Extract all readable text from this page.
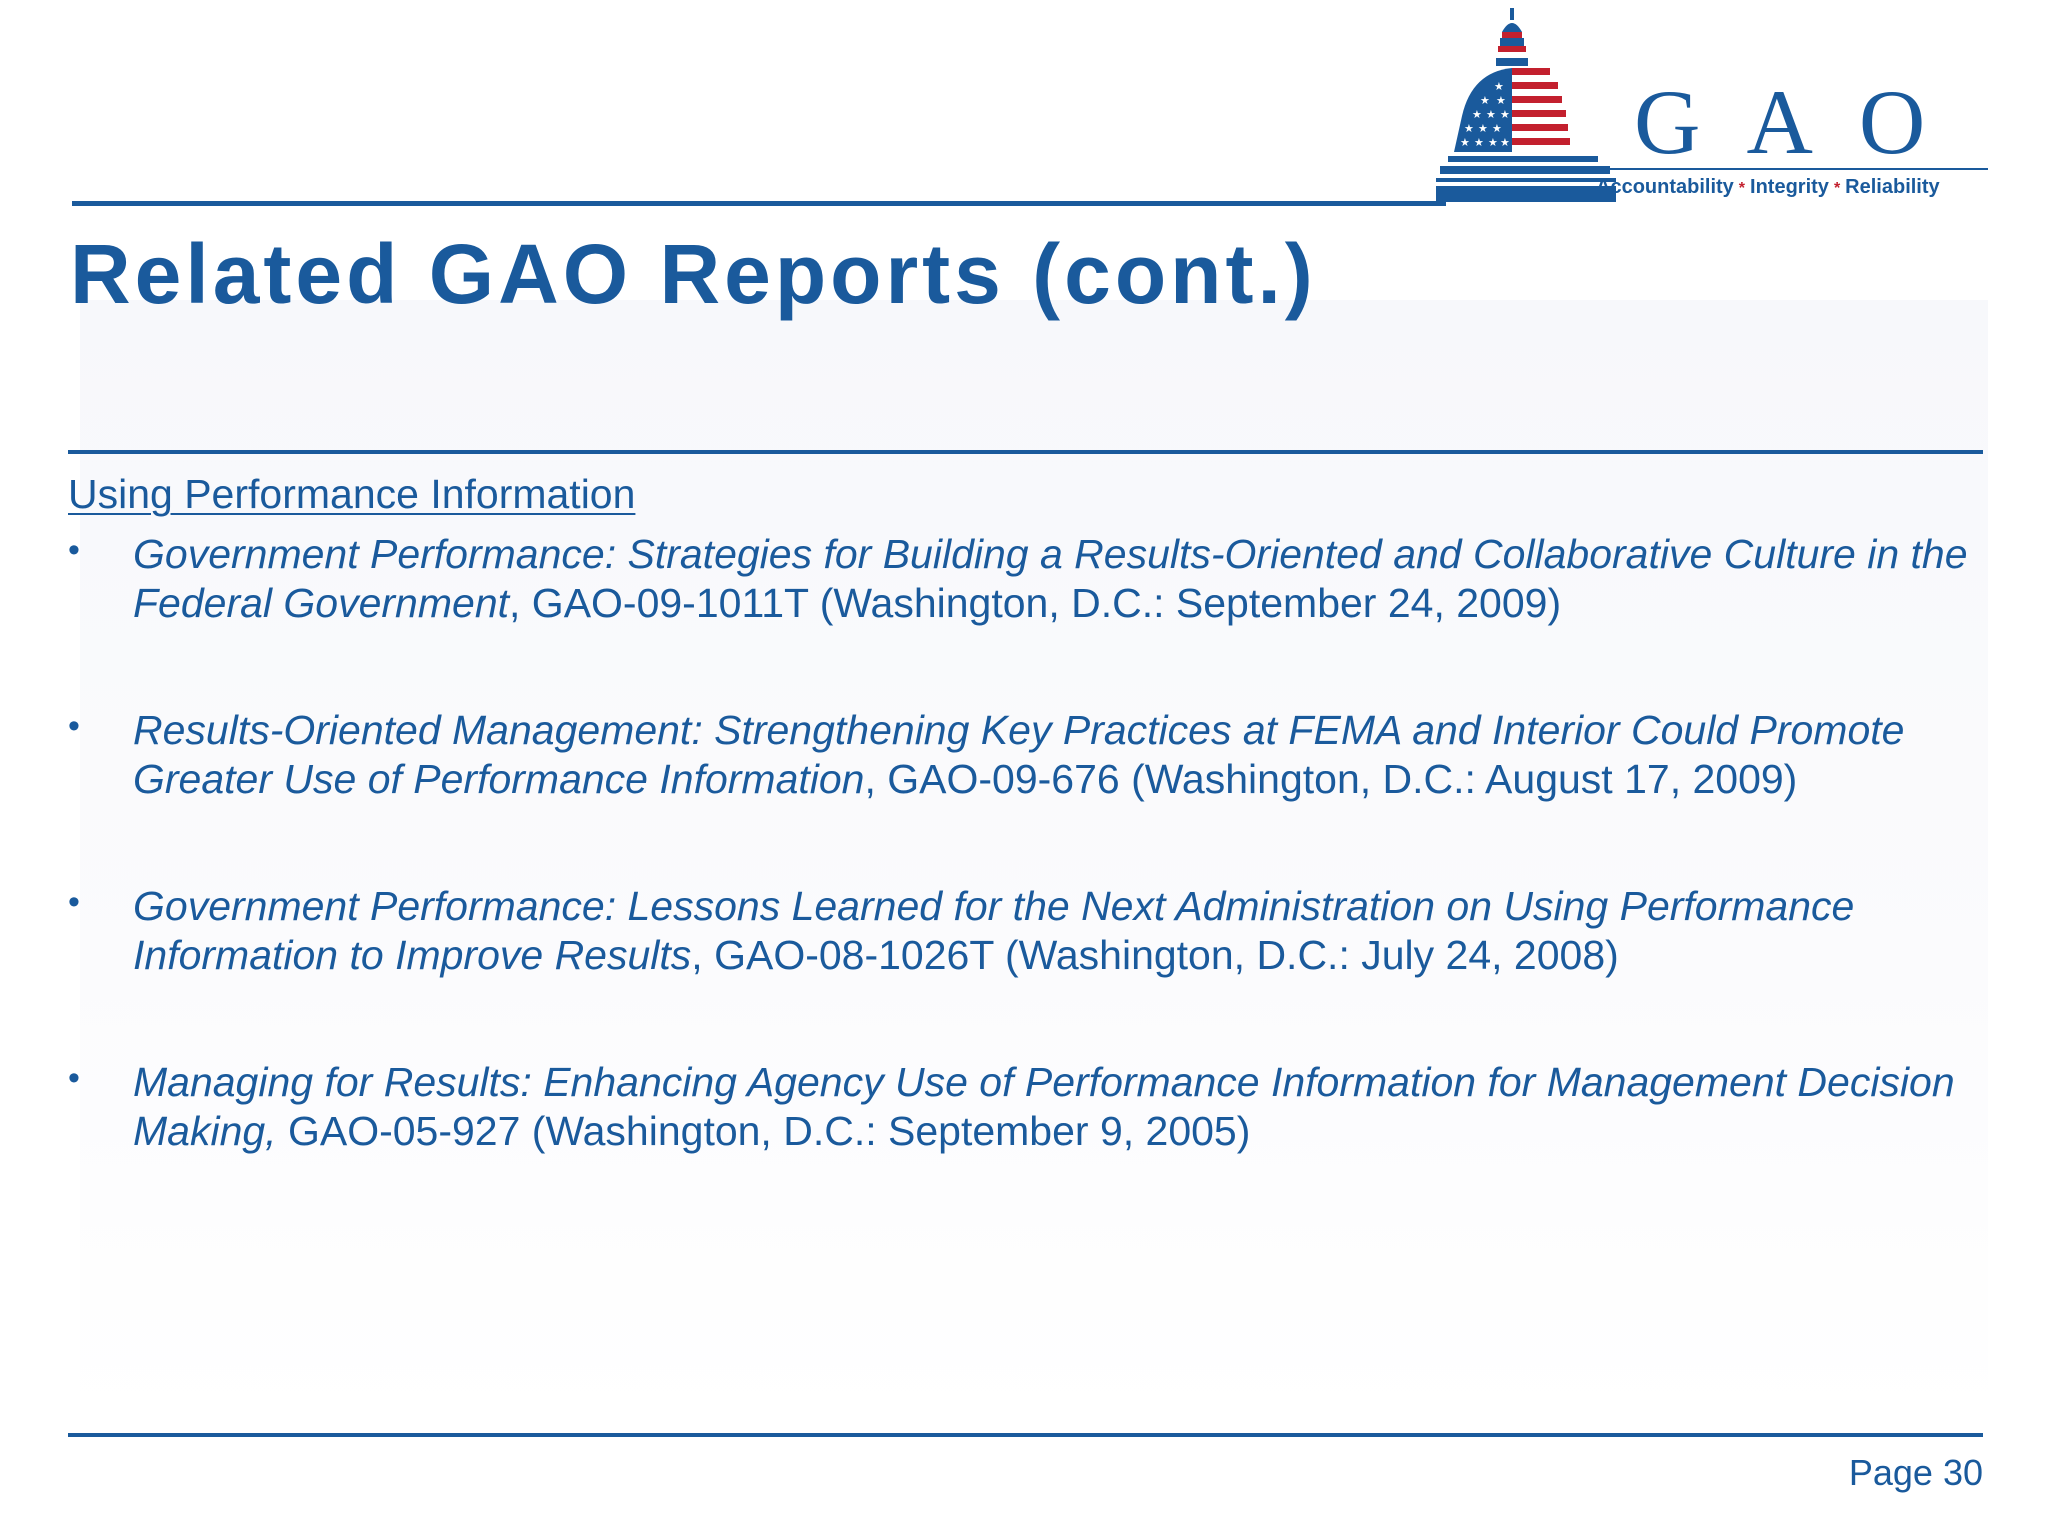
★
★ ★
★ ★ ★
★ ★ ★
★ ★ ★ ★ G A O
Accountability * Integrity * Reliability
Related GAO Reports (cont.)
Using Performance Information
• Government Performance: Strategies for Building a Results-Oriented and Collaborative Culture in the Federal Government, GAO-09-1011T (Washington, D.C.: September 24, 2009)
• Results-Oriented Management: Strengthening Key Practices at FEMA and Interior Could Promote Greater Use of Performance Information, GAO-09-676 (Washington, D.C.: August 17, 2009)
• Government Performance: Lessons Learned for the Next Administration on Using Performance Information to Improve Results, GAO-08-1026T (Washington, D.C.: July 24, 2008)
• Managing for Results: Enhancing Agency Use of Performance Information for Management Decision Making, GAO-05-927 (Washington, D.C.: September 9, 2005)
Page 30
